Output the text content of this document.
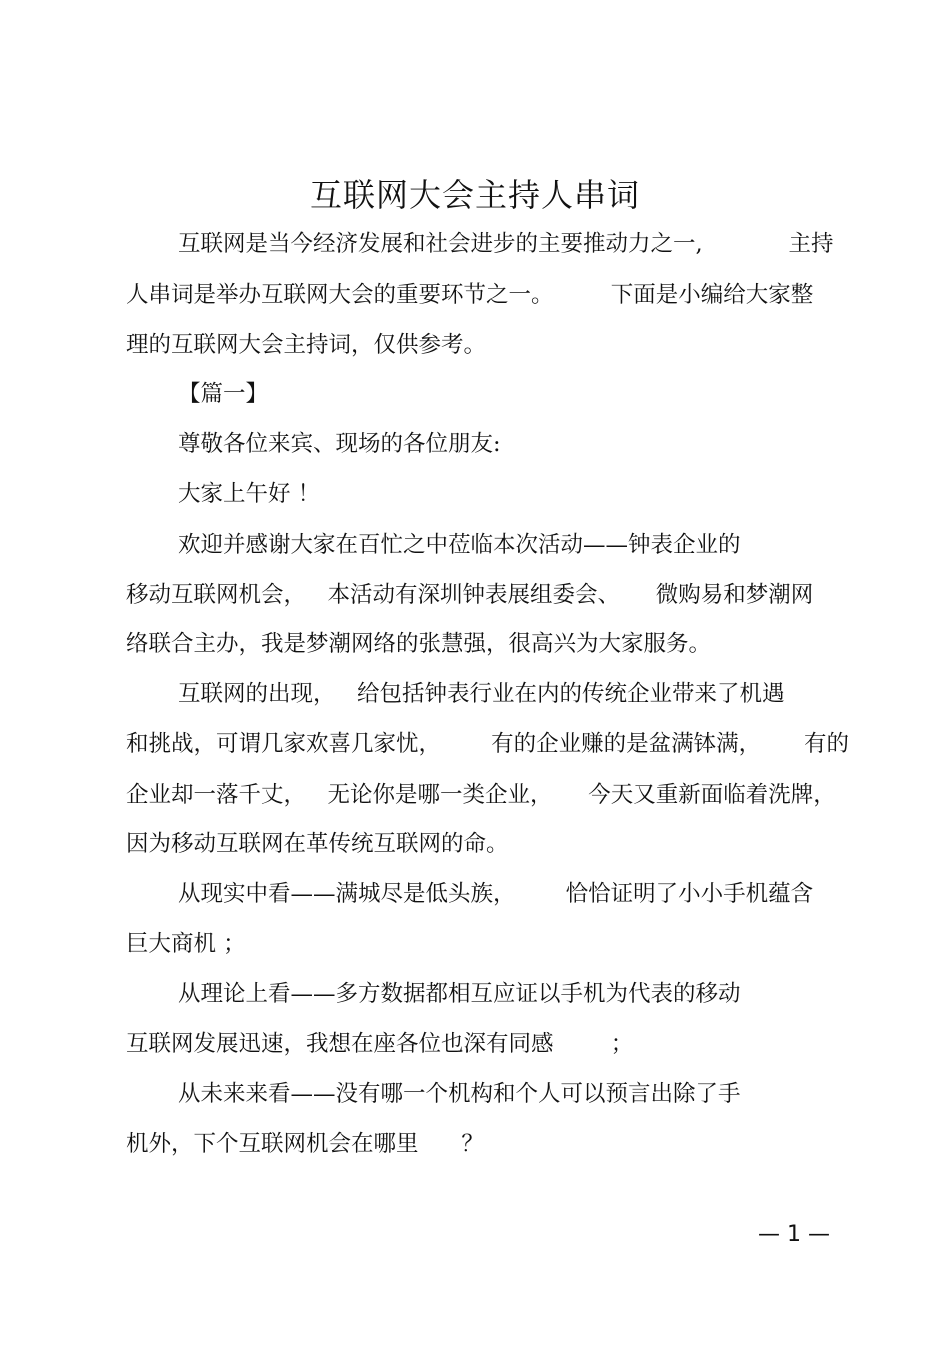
互联网大会主持人串词

互联网是当今经济发展和社会进步的主要推动力之一,            主持

人串词是举办互联网大会的重要环节之一。        下面是小编给大家整

理的互联网大会主持词，仅供参考。

【篇一】

尊敬各位来宾、现场的各位朋友:

大家上午好 ！

欢迎并感谢大家在百忙之中莅临本次活动——钟表企业的

移动互联网机会，   本活动有深圳钟表展组委会、     微购易和梦潮网

络联合主办，我是梦潮网络的张慧强，很高兴为大家服务。

互联网的出现，   给包括钟表行业在内的传统企业带来了机遇

和挑战，可谓几家欢喜几家忧，       有的企业赚的是盆满钵满，      有的

企业却一落千丈，   无论你是哪一类企业，     今天又重新面临着洗牌，

因为移动互联网在革传统互联网的命。

从现实中看——满城尽是低头族，       恰恰证明了小小手机蕴含

巨大商机 ；

从理论上看——多方数据都相互应证以手机为代表的移动

互联网发展迅速，我想在座各位也深有同感        ；

从未来来看——没有哪一个机构和个人可以预言出除了手

机外，下个互联网机会在哪里      ？

— 1 —
